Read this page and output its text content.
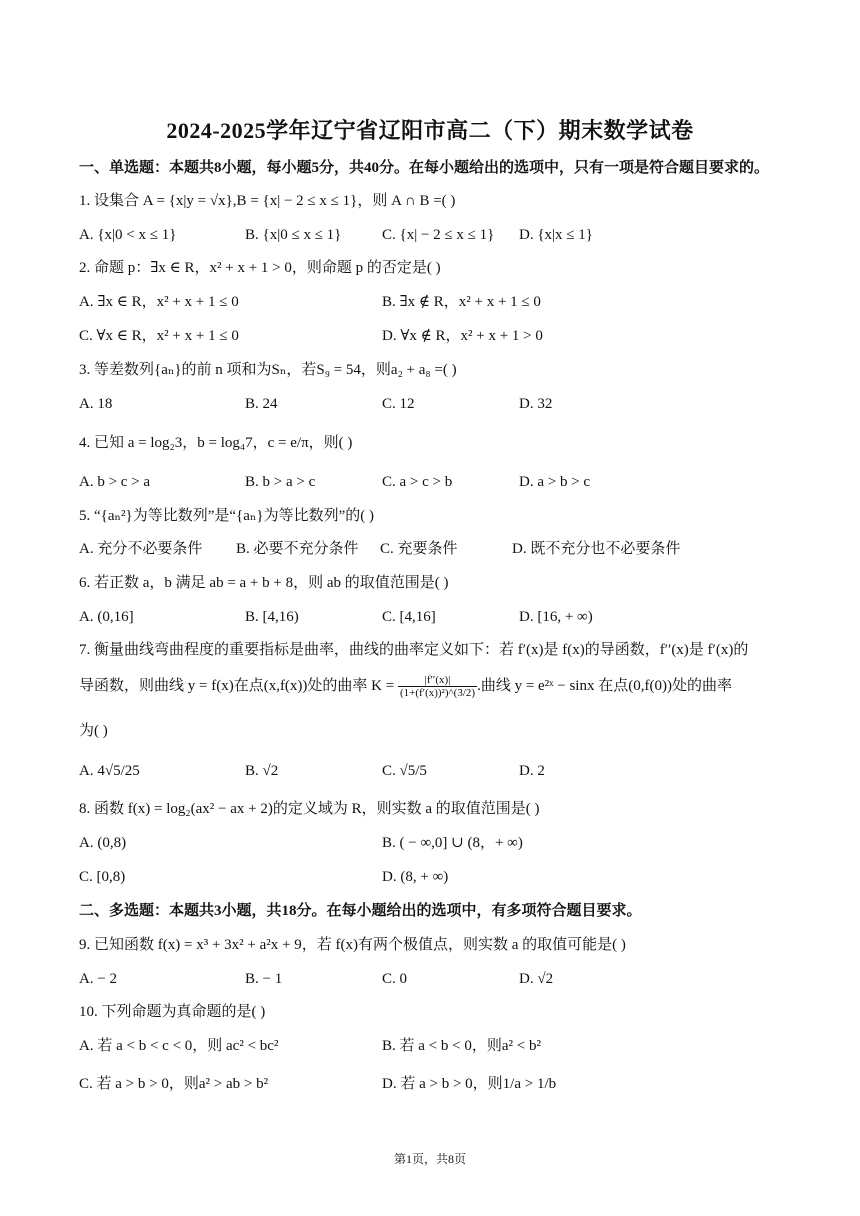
2024-2025学年辽宁省辽阳市高二（下）期末数学试卷
一、单选题：本题共8小题，每小题5分，共40分。在每小题给出的选项中，只有一项是符合题目要求的。
1. 设集合 A = {x|y = √x},B = {x| − 2 ≤ x ≤ 1}，则 A ∩ B =( )
A. {x|0 < x ≤ 1}	B. {x|0 ≤ x ≤ 1}	C. {x| − 2 ≤ x ≤ 1} D. {x|x ≤ 1}
2. 命题 p：∃x ∈ R，x² + x + 1 > 0，则命题 p 的否定是( )
A. ∃x ∈ R，x² + x + 1 ≤ 0	B. ∃x ∉ R，x² + x + 1 ≤ 0
C. ∀x ∈ R，x² + x + 1 ≤ 0	D. ∀x ∉ R，x² + x + 1 > 0
3. 等差数列{aₙ}的前 n 项和为Sₙ，若S₉ = 54，则a₂ + a₈ =( )
A. 18	B. 24	C. 12	D. 32
4. 已知 a = log₂3，b = log₄7，c = e/π，则( )
A. b > c > a	B. b > a > c	C. a > c > b	D. a > b > c
5. “{aₙ²}为等比数列”是“{aₙ}为等比数列”的( )
A. 充分不必要条件 B. 必要不充分条件 C. 充要条件	D. 既不充分也不必要条件
6. 若正数 a，b 满足 ab = a + b + 8，则 ab 的取值范围是( )
A. (0,16]	B. [4,16)	C. [4,16]	D. [16, + ∞)
7. 衡量曲线弯曲程度的重要指标是曲率，曲线的曲率定义如下：若 f′(x)是 f(x)的导函数，f′′(x)是 f′(x)的
导函数，则曲线 y = f(x)在点(x,f(x))处的曲率 $K = \frac{|f''(x)|}{\text{(1+(f′(x))²)\textasciicircum{}(3/2)}}$ .曲线 y = e²ˣ − sinx 在点(0,f(0))处的曲率
为( )
A. 4√5/25	B. √2	C. √5/5	D. 2
8. 函数 f(x) = log₂(ax² − ax + 2)的定义域为 R，则实数 a 的取值范围是( )
A. (0,8)	B. ( − ∞,0] ∪ (8，+ ∞)
C. [0,8)	D. (8, + ∞)
二、多选题：本题共3小题，共18分。在每小题给出的选项中，有多项符合题目要求。
9. 已知函数 f(x) = x³ + 3x² + a²x + 9，若 f(x)有两个极值点，则实数 a 的取值可能是( )
A. − 2	B. − 1	C. 0	D. √2
10. 下列命题为真命题的是( )
A. 若 a < b < c < 0，则 ac² < bc²	B. 若 a < b < 0，则a² < b²
C. 若 a > b > 0，则a² > ab > b²	D. 若 a > b > 0，则1/a > 1/b
第1页，共8页
